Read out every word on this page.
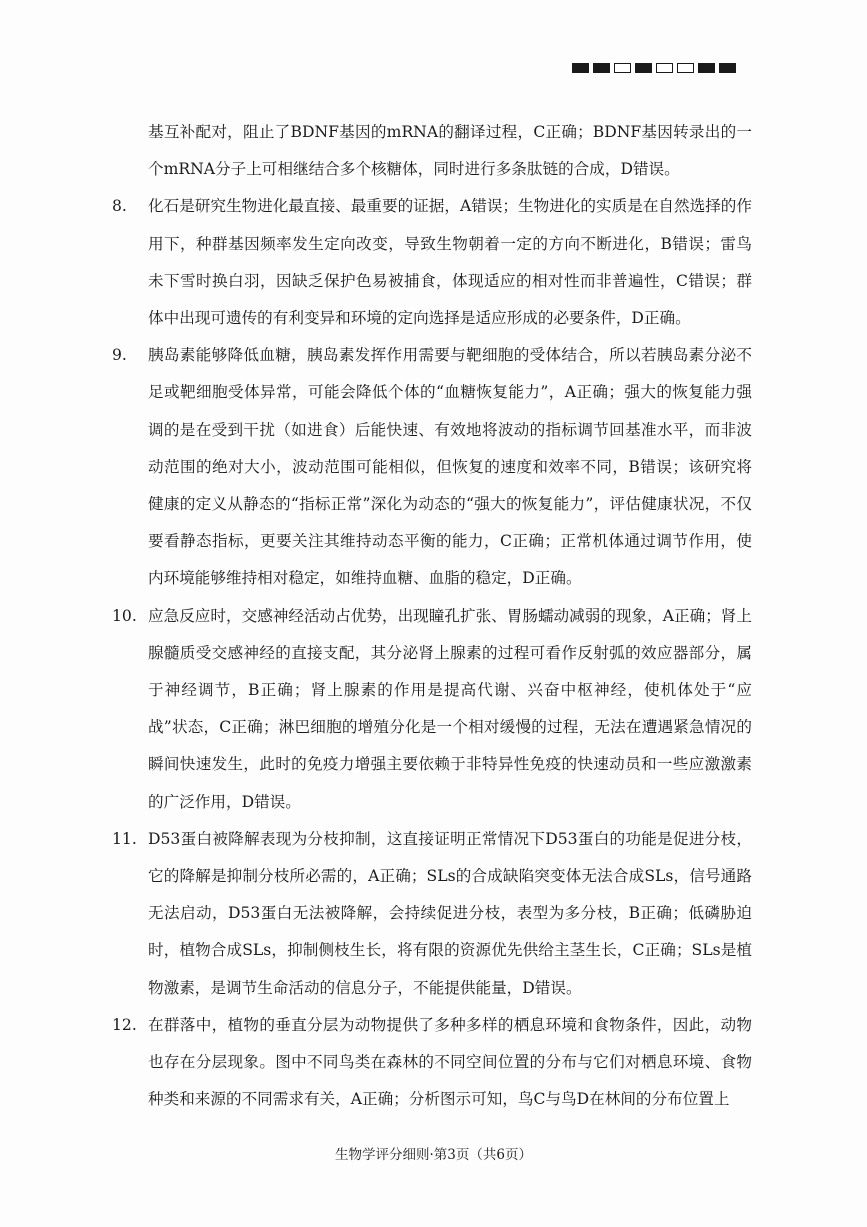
基互补配对，阻止了BDNF基因的mRNA的翻译过程，C正确；BDNF基因转录出的一个mRNA分子上可相继结合多个核糖体，同时进行多条肽链的合成，D错误。

8.	化石是研究生物进化最直接、最重要的证据，A错误；生物进化的实质是在自然选择的作用下，种群基因频率发生定向改变，导致生物朝着一定的方向不断进化，B错误；雷鸟未下雪时换白羽，因缺乏保护色易被捕食，体现适应的相对性而非普遍性，C错误；群体中出现可遗传的有利变异和环境的定向选择是适应形成的必要条件，D正确。
9.	胰岛素能够降低血糖，胰岛素发挥作用需要与靶细胞的受体结合，所以若胰岛素分泌不足或靶细胞受体异常，可能会降低个体的“血糖恢复能力”，A正确；强大的恢复能力强调的是在受到干扰（如进食）后能快速、有效地将波动的指标调节回基准水平，而非波动范围的绝对大小，波动范围可能相似，但恢复的速度和效率不同，B错误；该研究将健康的定义从静态的“指标正常”深化为动态的“强大的恢复能力”，评估健康状况，不仅要看静态指标，更要关注其维持动态平衡的能力，C正确；正常机体通过调节作用，使内环境能够维持相对稳定，如维持血糖、血脂的稳定，D正确。
10. 应急反应时，交感神经活动占优势，出现瞳孔扩张、胃肠蠕动减弱的现象，A正确；肾上腺髓质受交感神经的直接支配，其分泌肾上腺素的过程可看作反射弧的效应器部分，属于神经调节，B正确；肾上腺素的作用是提高代谢、兴奋中枢神经，使机体处于“应战”状态，C正确；淋巴细胞的增殖分化是一个相对缓慢的过程，无法在遭遇紧急情况的瞬间快速发生，此时的免疫力增强主要依赖于非特异性免疫的快速动员和一些应激激素的广泛作用，D错误。
11. D53蛋白被降解表现为分枝抑制，这直接证明正常情况下D53蛋白的功能是促进分枝，它的降解是抑制分枝所必需的，A正确；SLs的合成缺陷突变体无法合成SLs，信号通路无法启动，D53蛋白无法被降解，会持续促进分枝，表型为多分枝，B正确；低磷胁迫时，植物合成SLs，抑制侧枝生长，将有限的资源优先供给主茎生长，C正确；SLs是植物激素，是调节生命活动的信息分子，不能提供能量，D错误。
12. 在群落中，植物的垂直分层为动物提供了多种多样的栖息环境和食物条件，因此，动物也存在分层现象。图中不同鸟类在森林的不同空间位置的分布与它们对栖息环境、食物种类和来源的不同需求有关，A正确；分析图示可知，鸟C与鸟D在林间的分布位置上
生物学评分细则·第3页（共6页）
